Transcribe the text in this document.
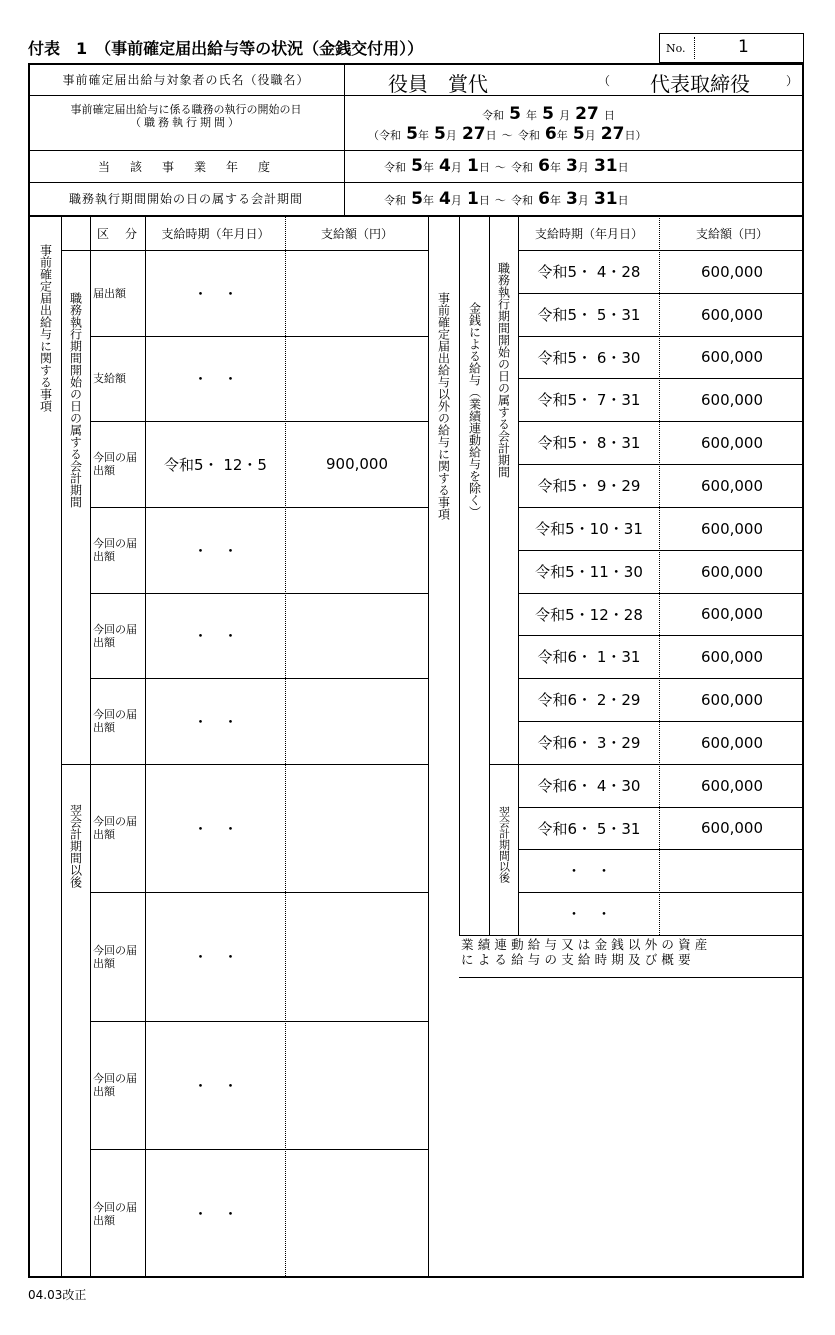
付表　1　（事前確定届出給与等の状況（金銭交付用））	No.	1
事前確定届出給与対象者の氏名（役職名）	役員　賞代	（ 代表取締役	）
事前確定届出給与に係る職務の執行の開始の日
（職務執行期間）
令和 5 年 5 月 27 日
（令和 5年 5月 27日 ～ 令和 6年 5月 27日）
当　該　事　業　年　度	令和 5年 4月 1日 ～ 令和 6年 3月 31日
職務執行期間開始の日の属する会計期間	令和 5年 4月 1日 ～ 令和 6年 3月 31日
事前確定届出給与に関する事項	職務執行期間開始の日の属する会計期間
翌会計期間以後
区　分	支給時期（年月日）	支給額（円）
届出額	・　・
支給額	・　・
今回の届出額	令和5・ 12・5	900,000
今回の届出額	・　・
今回の届出額	・　・
今回の届出額	・　・
今回の届出額	・　・
今回の届出額	・　・
今回の届出額	・　・
今回の届出額	・　・
事前確定届出給与以外の給与に関する事項	金銭による給与（業績連動給与を除く）	職務執行期間開始の日の属する会計期間
翌会計期間以後
支給時期（年月日）	支給額（円）
令和5・ 4・28	600,000
令和5・ 5・31	600,000
令和5・ 6・30	600,000
令和5・ 7・31	600,000
令和5・ 8・31	600,000
令和5・ 9・29	600,000
令和5・10・31	600,000
令和5・11・30	600,000
令和5・12・28	600,000
令和6・ 1・31	600,000
令和6・ 2・29	600,000
令和6・ 3・29	600,000
令和6・ 4・30	600,000
令和6・ 5・31	600,000
・　・
・　・
業績連動給与又は金銭以外の資産
による給与の支給時期及び概要
04.03改正
